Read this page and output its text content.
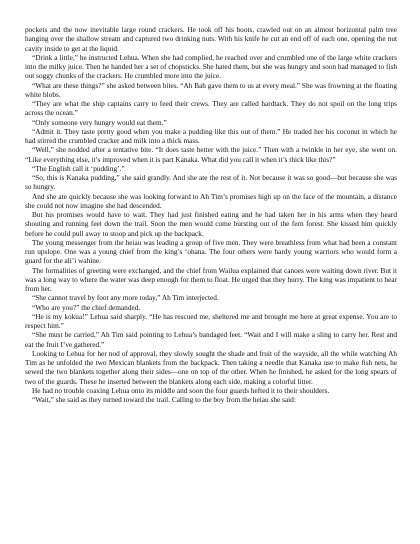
pockets and the now inevitable large round crackers. He took off his boots, crawled out on an almost horizontal palm tree hanging over the shallow stream and captured two drinking nuts. With his knife he cut an end off of each one, opening the nut cavity inside to get at the liquid.

“Drink a little,” he instructed Lehua. When she had complied, he reached over and crumbled one of the large white crackers into the milky juice. Then he handed her a set of chopsticks. She hated them, but she was hungry and soon had managed to fish out soggy chunks of the crackers. He crumbled more into the juice.

“What are these things?” she asked between bites. “Ah Bah gave them to us at every meal.” She was frowning at the floating white blobs.

“They are what the ship captains carry to feed their crews. They are called hardtack. They do not spoil on the long trips across the ocean.”

“Only someone very hungry would eat them.”

“Admit it. They taste pretty good when you make a pudding like this out of them.” He traded her his coconut in which he had stirred the crumbled cracker and milk into a thick mass.

“Well,” she nodded after a tentative bite. “It does taste better with the juice.” Then with a twinkle in her eye, she went on. “Like everything else, it’s improved when it is part Kanaka. What did you call it when it’s thick like this?”

“The English call it ‘pudding’.”

“So, this is Kanaka pudding,” she said grandly. And she ate the rest of it. Not because it was so good—but because she was so hungry.

And she ate quickly because she was looking forward to Ah Tim’s promises high up on the face of the mountain, a distance she could not now imagine she had descended.

But his promises would have to wait. They had just finished eating and he had taken her in his arms when they heard shouting and running feet down the trail. Soon the men would come bursting out of the fern forest. She kissed him quickly before he could pull away to stoop and pick up the backpack.

The young messenger from the heiau was leading a group of five men. They were breathless from what had been a constant run upslope. One was a young chief from the king’s ‘ohana. The four others were hardy young warriors who would form a guard for the ali’i wahine.

The formalities of greeting were exchanged, and the chief from Wailua explained that canoes were waiting down river. But it was a long way to where the water was deep enough for them to float. He urged that they hurry. The king was impatient to hear from her.

“She cannot travel by foot any more today,” Ah Tim interjected.

“Who are you?” the chief demanded.

“He is my kokua!” Lehua said sharply. “He has rescued me, sheltered me and brought me here at great expense. You are to respect him.”

“She must be carried,” Ah Tim said pointing to Lehua’s bandaged feet. “Wait and I will make a sling to carry her. Rest and eat the fruit I’ve gathered.”

Looking to Lehua for her nod of approval, they slowly sought the shade and fruit of the wayside, all the while watching Ah Tim as he unfolded the two Mexican blankets from the backpack. Then taking a needle that Kanaka use to make fish nets, he sewed the two blankets together along their sides—one on top of the other. When he finished, he asked for the long spears of two of the guards. These he inserted between the blankets along each side, making a colorful litter.

He had no trouble coaxing Lehua onto its middle and soon the four guards hefted it to their shoulders.

“Wait,” she said as they turned toward the trail. Calling to the boy from the heiau she said:
